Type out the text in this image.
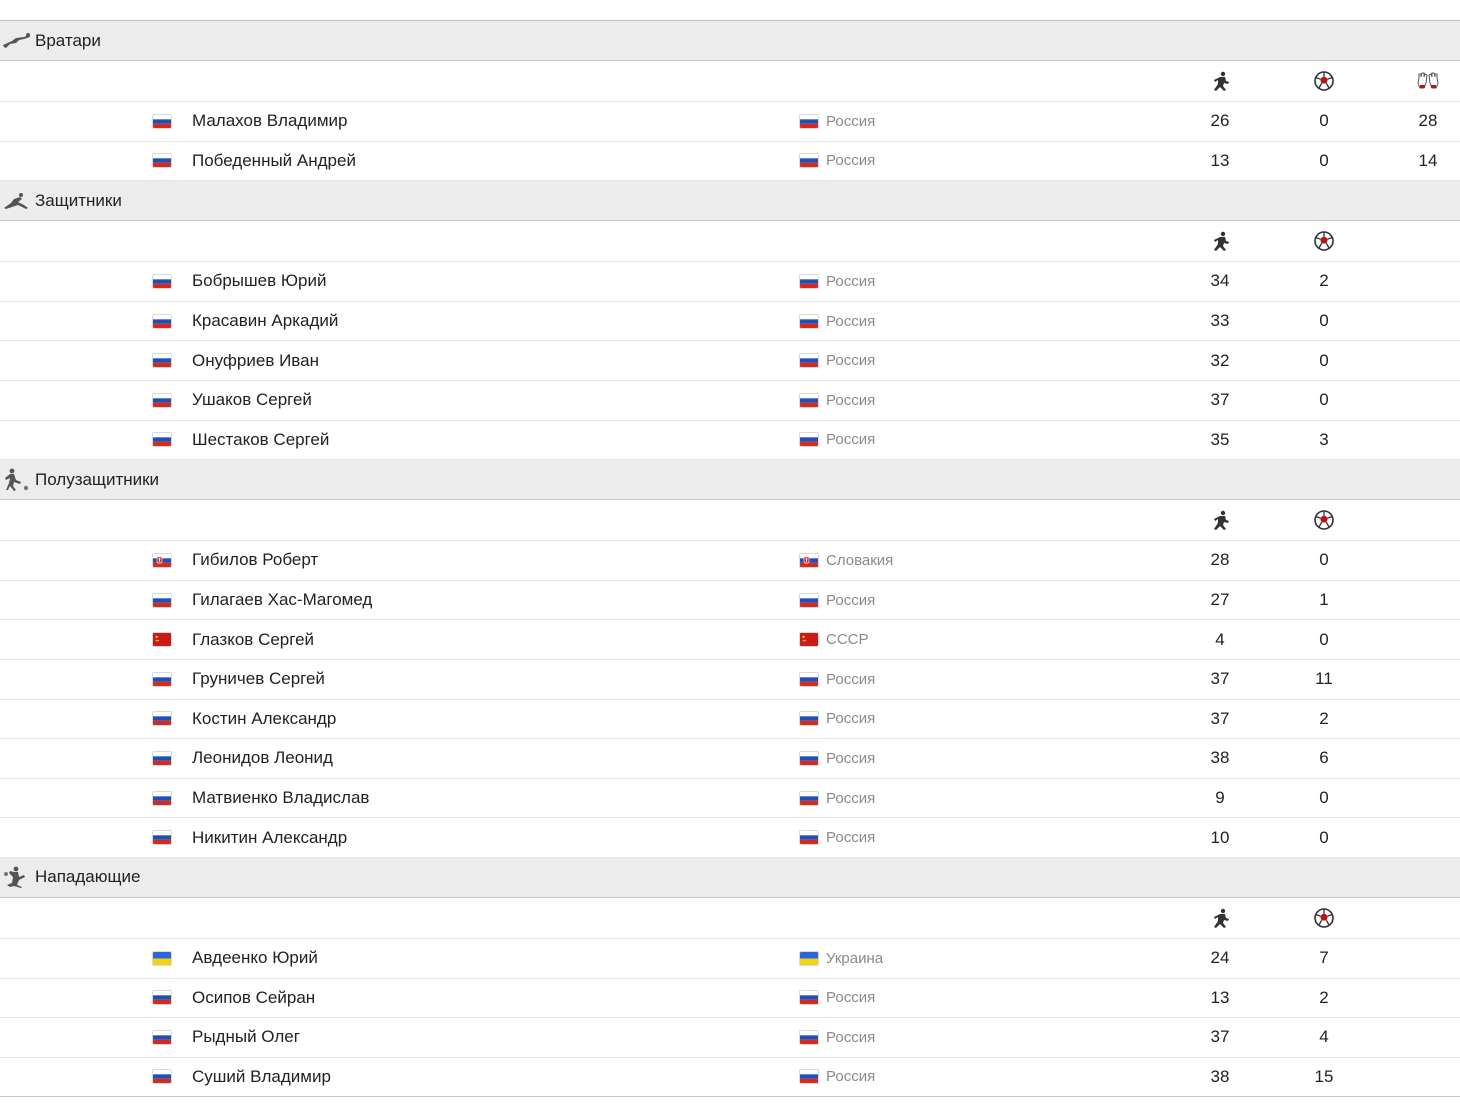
Вратари
Малахов Владимир	Россия	26	0	28
Победенный Андрей	Россия	13	0	14
Защитники
Бобрышев Юрий	Россия	34	2
Красавин Аркадий	Россия	33	0
Онуфриев Иван	Россия	32	0
Ушаков Сергей	Россия	37	0
Шестаков Сергей	Россия	35	3
Полузащитники
Гибилов Роберт	Словакия	28	0
Гилагаев Хас-Магомед	Россия	27	1
Глазков Сергей	СССР	4	0
Груничев Сергей	Россия	37	11
Костин Александр	Россия	37	2
Леонидов Леонид	Россия	38	6
Матвиенко Владислав	Россия	9	0
Никитин Александр	Россия	10	0
Нападающие
Авдеенко Юрий	Украина	24	7
Осипов Сейран	Россия	13	2
Рыдный Олег	Россия	37	4
Суший Владимир	Россия	38	15
